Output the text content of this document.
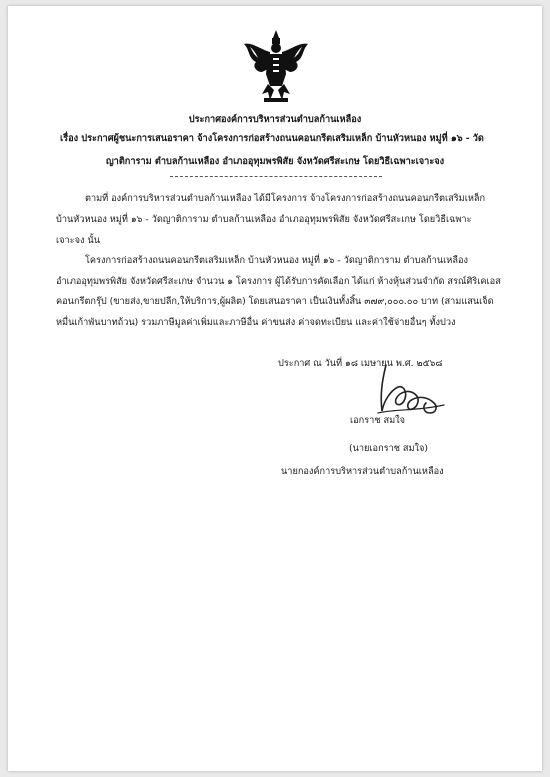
ประกาศองค์การบริหารส่วนตำบลก้านเหลือง
เรื่อง ประกาศผู้ชนะการเสนอราคา จ้างโครงการก่อสร้างถนนคอนกรีตเสริมเหล็ก บ้านหัวหนอง หมู่ที่ ๑๖ - วัด
ญาติการาม ตำบลก้านเหลือง อำเภออุทุมพรพิสัย จังหวัดศรีสะเกษ โดยวิธีเฉพาะเจาะจง
ตามที่ องค์การบริหารส่วนตำบลก้านเหลือง ได้มีโครงการ จ้างโครงการก่อสร้างถนนคอนกรีตเสริมเหล็ก
บ้านหัวหนอง หมู่ที่ ๑๖ - วัดญาติการาม ตำบลก้านเหลือง อำเภออุทุมพรพิสัย จังหวัดศรีสะเกษ โดยวิธีเฉพาะ
เจาะจง นั้น
โครงการก่อสร้างถนนคอนกรีตเสริมเหล็ก บ้านหัวหนอง หมู่ที่ ๑๖ - วัดญาติการาม ตำบลก้านเหลือง
อำเภออุทุมพรพิสัย จังหวัดศรีสะเกษ จำนวน ๑ โครงการ ผู้ได้รับการคัดเลือก ได้แก่ ห้างหุ้นส่วนจำกัด สรณ์ศิริเคเอส
คอนกรีตกรุ๊ป (ขายส่ง,ขายปลีก,ให้บริการ,ผู้ผลิต) โดยเสนอราคา เป็นเงินทั้งสิ้น ๓๗๙,๐๐๐.๐๐ บาท (สามแสนเจ็ด
หมื่นเก้าพันบาทถ้วน) รวมภาษีมูลค่าเพิ่มและภาษีอื่น ค่าขนส่ง ค่าจดทะเบียน และค่าใช้จ่ายอื่นๆ ทั้งปวง
ประกาศ ณ วันที่ ๑๘ เมษายน พ.ศ. ๒๕๖๘
เอกราช สมใจ
(นายเอกราช สมใจ)
นายกองค์การบริหารส่วนตำบลก้านเหลือง
